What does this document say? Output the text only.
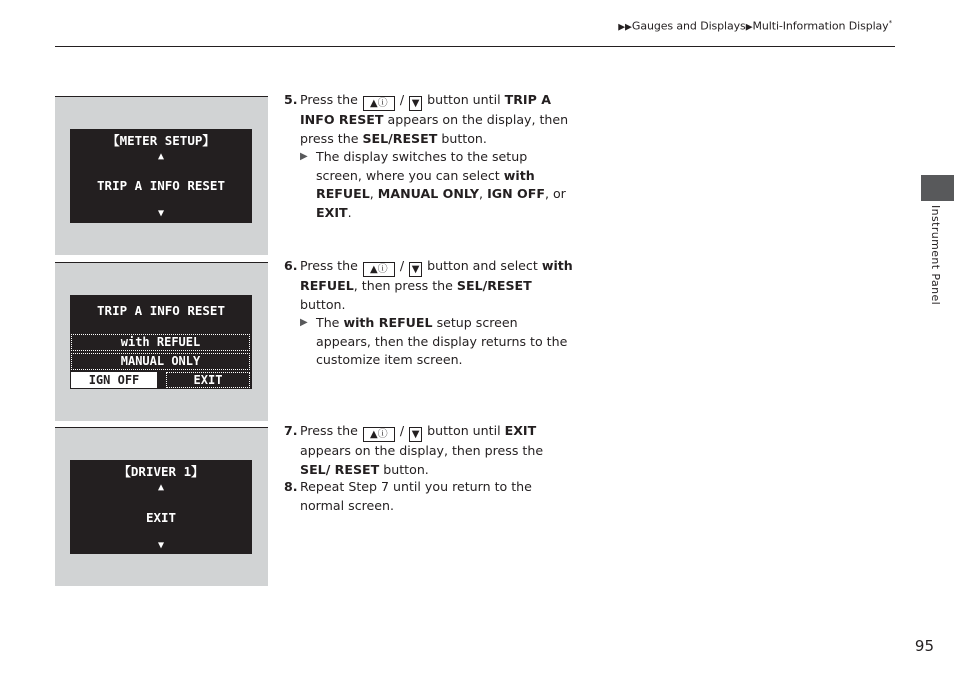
▶▶Gauges and Displays▶Multi-Information Display*
Instrument Panel
【METER SETUP】
▲
TRIP A INFO RESET
▼
TRIP A INFO RESET
with REFUEL
MANUAL ONLY
IGN OFF	EXIT
【DRIVER 1】
▲
EXIT
▼
5. Press the ▲ⓘ / ▼ button until TRIP A INFO RESET appears on the display, then press the SEL/RESET button.
▶ The display switches to the setup screen, where you can select with REFUEL, MANUAL ONLY, IGN OFF, or EXIT.
6. Press the ▲ⓘ / ▼ button and select with REFUEL, then press the SEL/RESET button.
▶ The with REFUEL setup screen appears, then the display returns to the customize item screen.
7. Press the ▲ⓘ / ▼ button until EXIT appears on the display, then press the SEL/ RESET button.
8. Repeat Step 7 until you return to the normal screen.
95
